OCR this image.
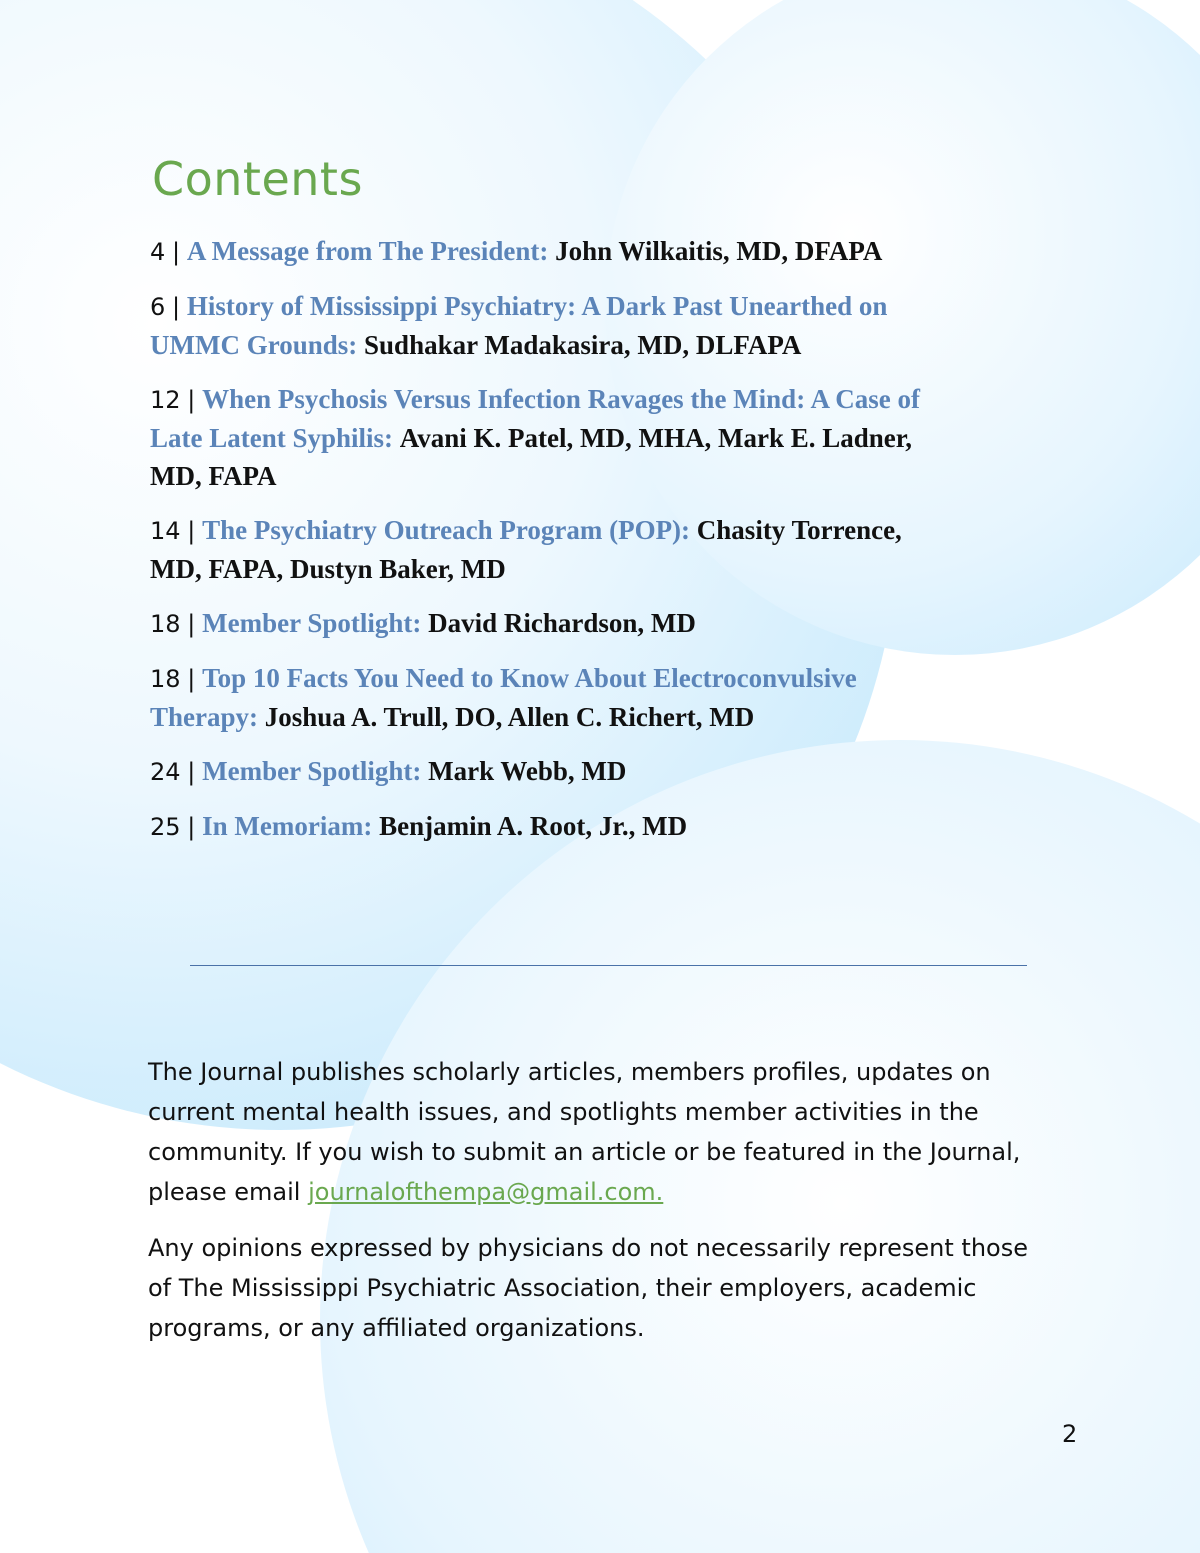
Contents
4 | A Message from The President: John Wilkaitis, MD, DFAPA
6 | History of Mississippi Psychiatry: A Dark Past Unearthed on UMMC Grounds: Sudhakar Madakasira, MD, DLFAPA
12 | When Psychosis Versus Infection Ravages the Mind: A Case of Late Latent Syphilis: Avani K. Patel, MD, MHA, Mark E. Ladner, MD, FAPA
14 | The Psychiatry Outreach Program (POP): Chasity Torrence, MD, FAPA, Dustyn Baker, MD
18 | Member Spotlight: David Richardson, MD
18 | Top 10 Facts You Need to Know About Electroconvulsive Therapy: Joshua A. Trull, DO, Allen C. Richert, MD
24 | Member Spotlight: Mark Webb, MD
25 | In Memoriam: Benjamin A. Root, Jr., MD

The Journal publishes scholarly articles, members profiles, updates on current mental health issues, and spotlights member activities in the community. If you wish to submit an article or be featured in the Journal, please email journalofthempa@gmail.com.

Any opinions expressed by physicians do not necessarily represent those of The Mississippi Psychiatric Association, their employers, academic programs, or any affiliated organizations.

2
